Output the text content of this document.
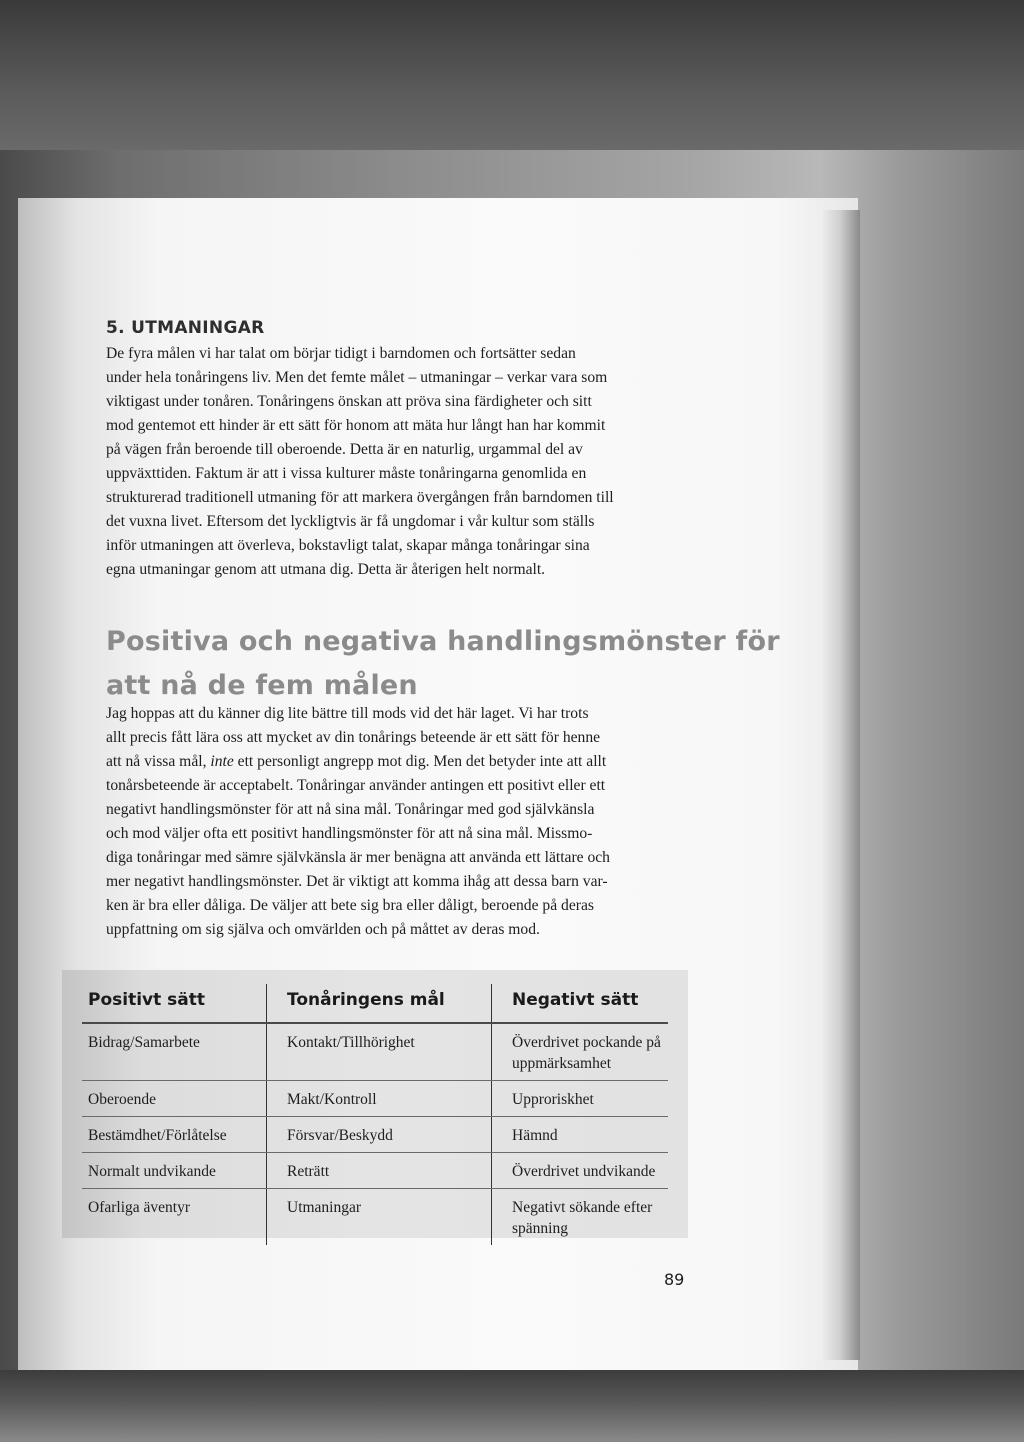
5. UTMANINGAR

De fyra målen vi har talat om börjar tidigt i barndomen och fortsätter sedan
under hela tonåringens liv. Men det femte målet – utmaningar – verkar vara som
viktigast under tonåren. Tonåringens önskan att pröva sina färdigheter och sitt
mod gentemot ett hinder är ett sätt för honom att mäta hur långt han har kommit
på vägen från beroende till oberoende. Detta är en naturlig, urgammal del av
uppväxttiden. Faktum är att i vissa kulturer måste tonåringarna genomlida en
strukturerad traditionell utmaning för att markera övergången från barndomen till
det vuxna livet. Eftersom det lyckligtvis är få ungdomar i vår kultur som ställs
inför utmaningen att överleva, bokstavligt talat, skapar många tonåringar sina
egna utmaningar genom att utmana dig. Detta är återigen helt normalt.

Positiva och negativa handlingsmönster för
att nå de fem målen

Jag hoppas att du känner dig lite bättre till mods vid det här laget. Vi har trots
allt precis fått lära oss att mycket av din tonårings beteende är ett sätt för henne
att nå vissa mål, inte ett personligt angrepp mot dig. Men det betyder inte att allt
tonårsbeteende är acceptabelt. Tonåringar använder antingen ett positivt eller ett
negativt handlingsmönster för att nå sina mål. Tonåringar med god självkänsla
och mod väljer ofta ett positivt handlingsmönster för att nå sina mål. Missmo-
diga tonåringar med sämre självkänsla är mer benägna att använda ett lättare och
mer negativt handlingsmönster. Det är viktigt att komma ihåg att dessa barn var-
ken är bra eller dåliga. De väljer att bete sig bra eller dåligt, beroende på deras
uppfattning om sig själva och omvärlden och på måttet av deras mod.

Positivt sätt	Tonåringens mål	Negativt sätt
Bidrag/Samarbete	Kontakt/Tillhörighet	Överdrivet pockande på uppmärksamhet
Oberoende	Makt/Kontroll	Upproriskhet
Bestämdhet/Förlåtelse	Försvar/Beskydd	Hämnd
Normalt undvikande	Reträtt	Överdrivet undvikande
Ofarliga äventyr	Utmaningar	Negativt sökande efter spänning
89
